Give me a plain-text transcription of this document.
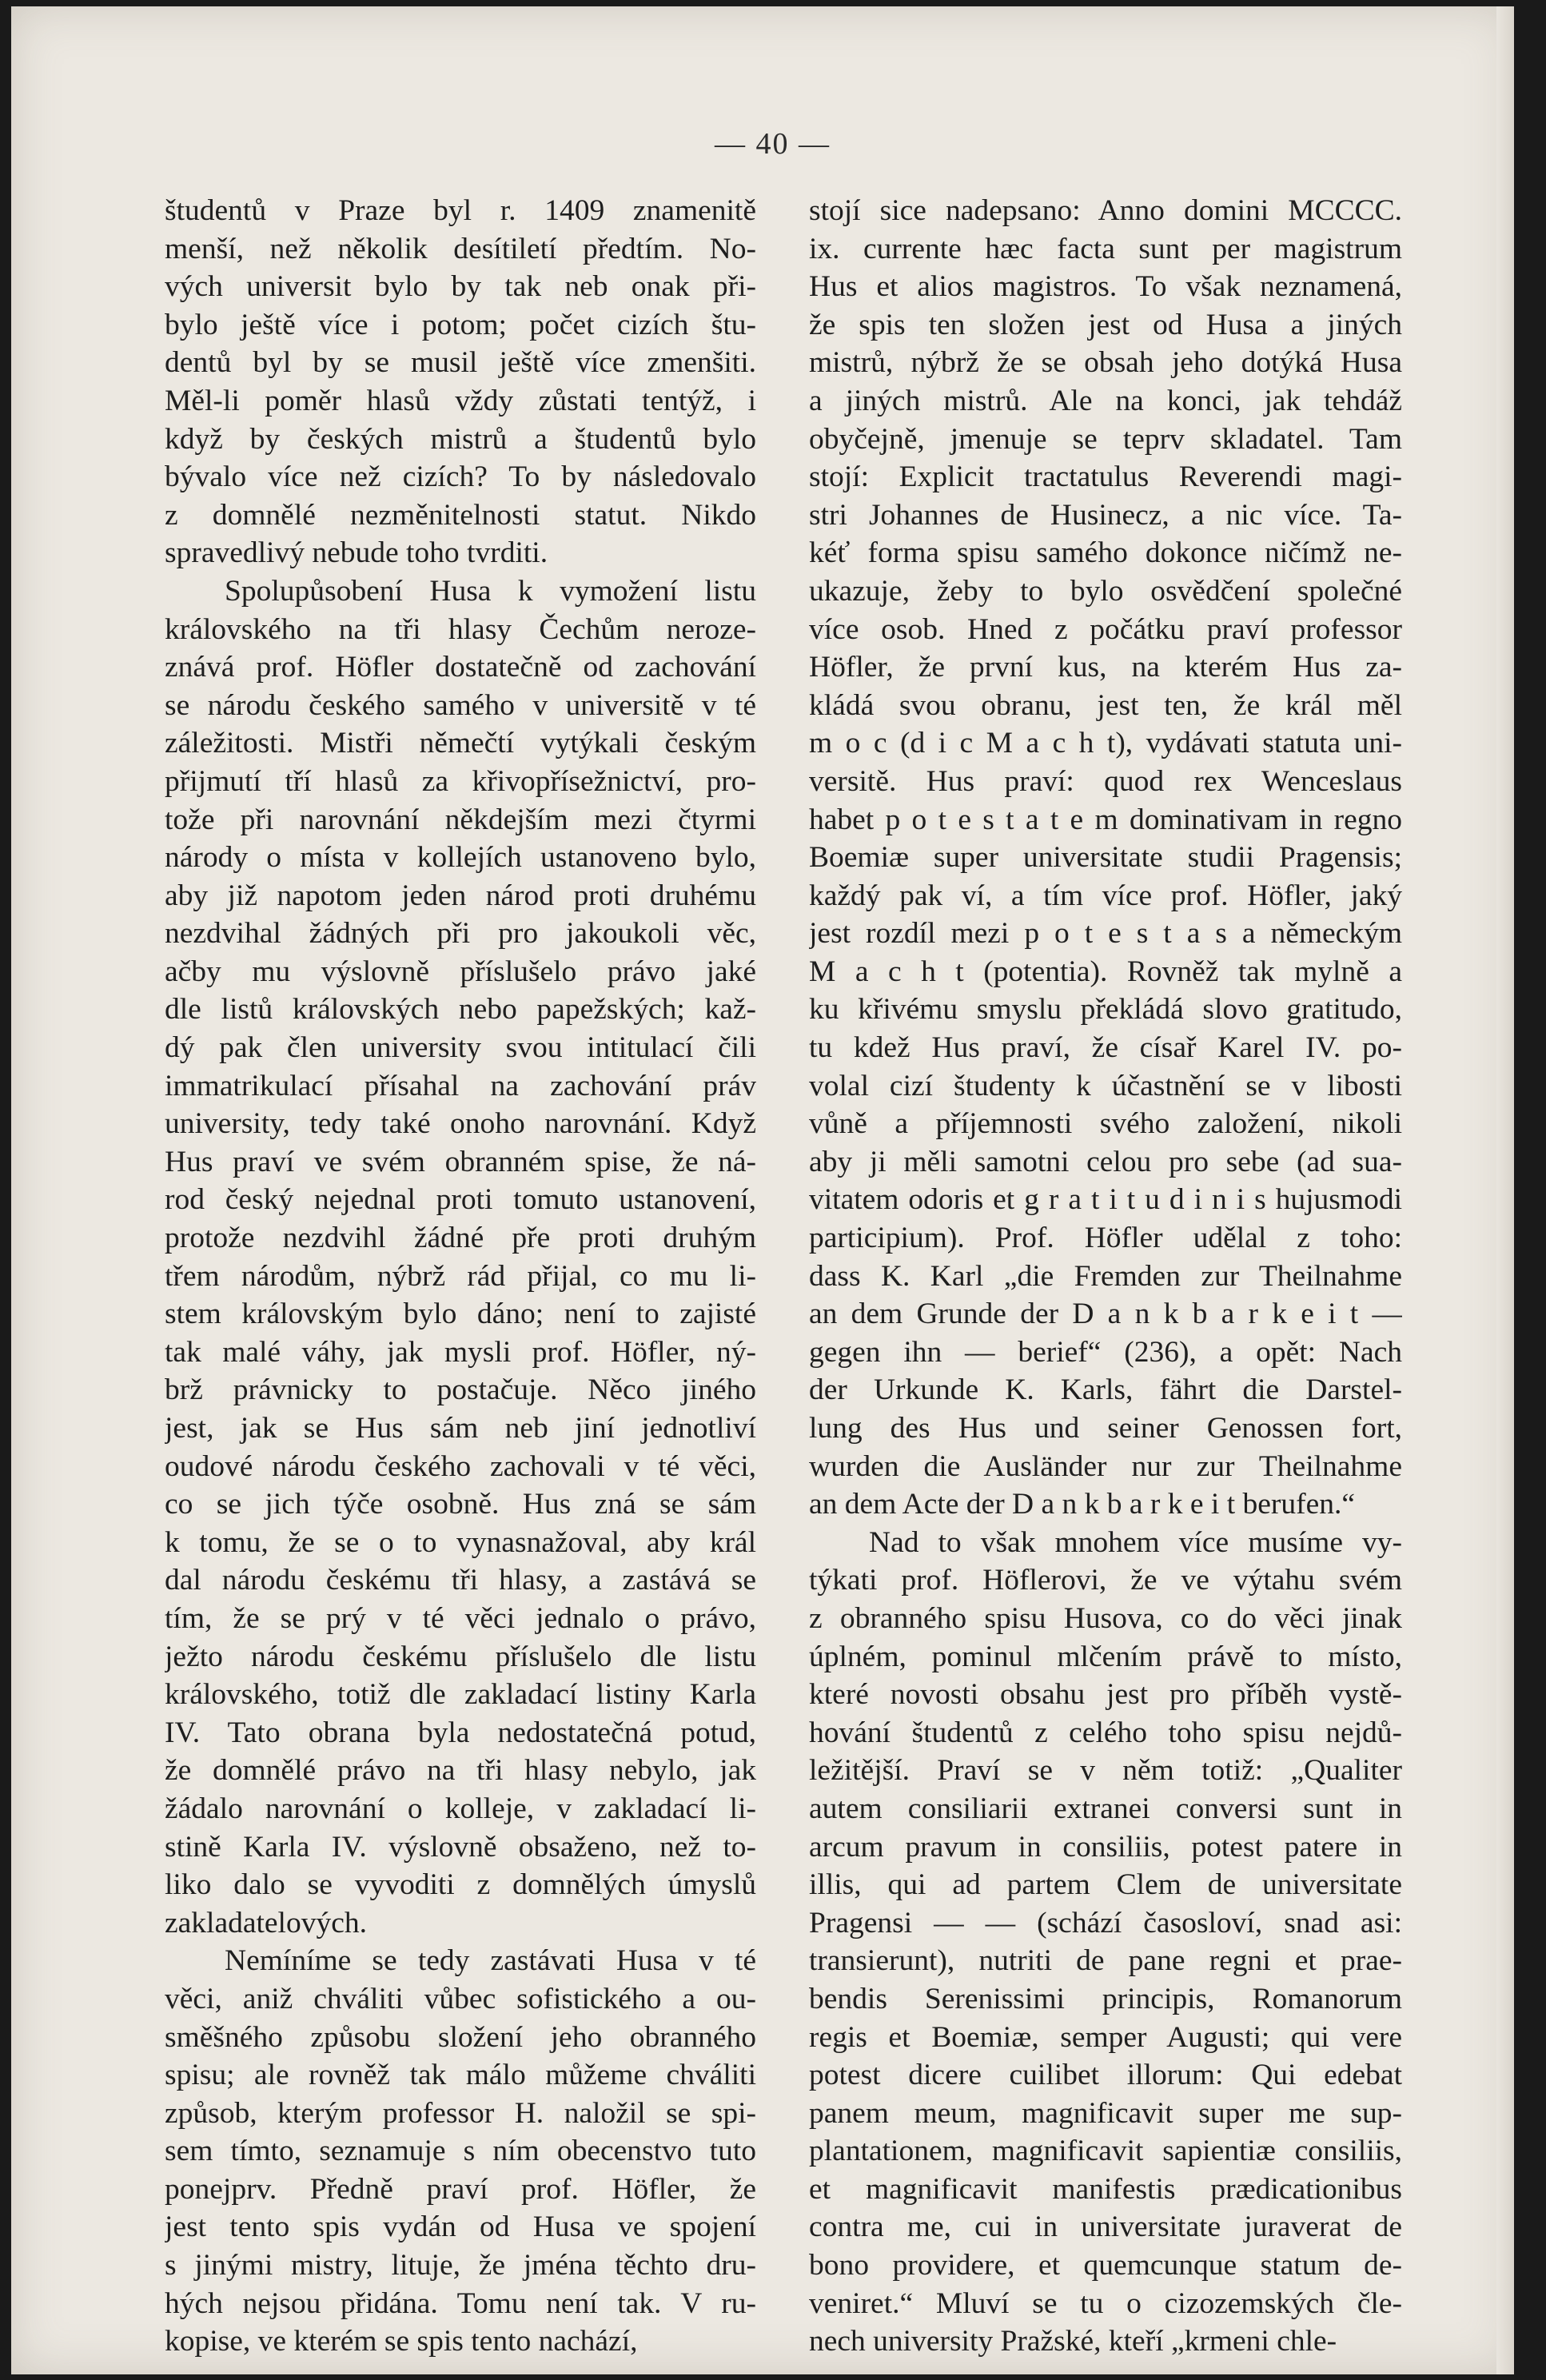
— 40 —
študentů v Praze byl r. 1409 znamenitě
menší, než několik desítiletí předtím. No-
vých universit bylo by tak neb onak při-
bylo ještě více i potom; počet cizích štu-
dentů byl by se musil ještě více zmenšiti.
Měl-li poměr hlasů vždy zůstati tentýž, i
když by českých mistrů a študentů bylo
bývalo více než cizích? To by následovalo
z domnělé nezměnitelnosti statut. Nikdo
spravedlivý nebude toho tvrditi.
Spolupůsobení Husa k vymožení listu
královského na tři hlasy Čechům nerozе-
znává prof. Höfler dostatečně od zachování
se národu českého samého v universitě v té
záležitosti. Mistři němečtí vytýkali českým
přijmutí tří hlasů za křivopřísežnictví, pro-
tože při narovnání někdejším mezi čtyrmi
národy o místa v kollejích ustanoveno bylo,
aby již napotom jeden národ proti druhému
nezdvihal žádných při pro jakoukoli věc,
ačby mu výslovně příslušelo právo jaké
dle listů královských nebo papežských; kaž-
dý pak člen university svou intitulací čili
immatrikulací přísahal na zachování práv
university, tedy také onoho narovnání. Když
Hus praví ve svém obranném spise, že ná-
rod český nejednal proti tomuto ustanovení,
protože nezdvihl žádné pře proti druhým
třem národům, nýbrž rád přijal, co mu li-
stem královským bylo dáno; není to zajisté
tak malé váhy, jak mysli prof. Höfler, ný-
brž právnicky to postačuje. Něco jiného
jest, jak se Hus sám neb jiní jednotliví
oudové národu českého zachovali v té věci,
co se jich týče osobně. Hus zná se sám
k tomu, že se o to vynasnažoval, aby král
dal národu českému tři hlasy, a zastává se
tím, že se prý v té věci jednalo o právo,
ježto národu českému příslušelo dle listu
královského, totiž dle zakladací listiny Karla
IV. Tato obrana byla nedostatečná potud,
že domnělé právo na tři hlasy nebylo, jak
žádalo narovnání o kolleje, v zakladací li-
stině Karla IV. výslovně obsaženo, než to-
liko dalo se vyvoditi z domnělých úmyslů
zakladatelových.
Nemíníme se tedy zastávati Husa v té
věci, aniž chváliti vůbec sofistického a ou-
směšného způsobu složení jeho obranného
spisu; ale rovněž tak málo můžeme chváliti
způsob, kterým professor H. naložil se spi-
sem tímto, seznamuje s ním obecenstvo tuto
ponejprv. Předně praví prof. Höfler, že
jest tento spis vydán od Husa ve spojení
s jinými mistry, lituje, že jména těchto dru-
hých nejsou přidána. Tomu není tak. V ru-
kopise, ve kterém se spis tento nachází,
stojí sice nadepsano: Anno domini MCCCC.
ix. currente hæc facta sunt per magistrum
Hus et alios magistros. To však neznamená,
že spis ten složen jest od Husa a jiných
mistrů, nýbrž že se obsah jeho dotýká Husa
a jiných mistrů. Ale na konci, jak tehdáž
obyčejně, jmenuje se teprv skladatel. Tam
stojí: Explicit tractatulus Reverendi magi-
stri Johannes de Husinecz, a nic více. Ta-
kéť forma spisu samého dokonce ničímž ne-
ukazuje, žeby to bylo osvědčení společné
více osob. Hned z počátku praví professor
Höfler, že první kus, na kterém Hus za-
kládá svou obranu, jest ten, že král měl
m o c (d i c M a c h t), vydávati statuta uni-
versitě. Hus praví: quod rex Wenceslaus
habet p o t e s t a t e m dominativam in regno
Boemiæ super universitate studii Pragensis;
každý pak ví, a tím více prof. Höfler, jaký
jest rozdíl mezi p o t e s t a s a německým
M a c h t (potentia). Rovněž tak mylně a
ku křivému smyslu překládá slovo gratitudo,
tu kdež Hus praví, že císař Karel IV. po-
volal cizí študenty k účastnění se v libosti
vůně a příjemnosti svého založení, nikoli
aby ji měli samotni celou pro sebe (ad sua-
vitatem odoris et g r a t i t u d i n i s hujusmodi
participium). Prof. Höfler udělal z toho:
dass K. Karl „die Fremden zur Theilnahme
an dem Grunde der D a n k b a r k e i t —
gegen ihn — berief“ (236), a opět: Nach
der Urkunde K. Karls, fährt die Darstel-
lung des Hus und seiner Genossen fort,
wurden die Ausländer nur zur Theilnahme
an dem Acte der D a n k b a r k e i t berufen.“
Nad to však mnohem více musíme vy-
týkati prof. Höflerovi, že ve výtahu svém
z obranného spisu Husova, co do věci jinak
úplném, pominul mlčením právě to místo,
které novosti obsahu jest pro příběh vystě-
hování študentů z celého toho spisu nejdů-
ležitější. Praví se v něm totiž: „Qualiter
autem consiliarii extranei conversi sunt in
arcum pravum in consiliis, potest patere in
illis, qui ad partem Clem de universitate
Pragensi — — (schází časosloví, snad asi:
transierunt), nutriti de pane regni et prae-
bendis Serenissimi principis, Romanorum
regis et Boemiæ, semper Augusti; qui vere
potest dicere cuilibet illorum: Qui edebat
panem meum, magnificavit super me sup-
plantationem, magnificavit sapientiæ consiliis,
et magnificavit manifestis prædicationibus
contra me, cui in universitate juraverat de
bono providere, et quemcunque statum de-
veniret.“ Mluví se tu o cizozemských čle-
nech university Pražské, kteří „krmeni chle-
